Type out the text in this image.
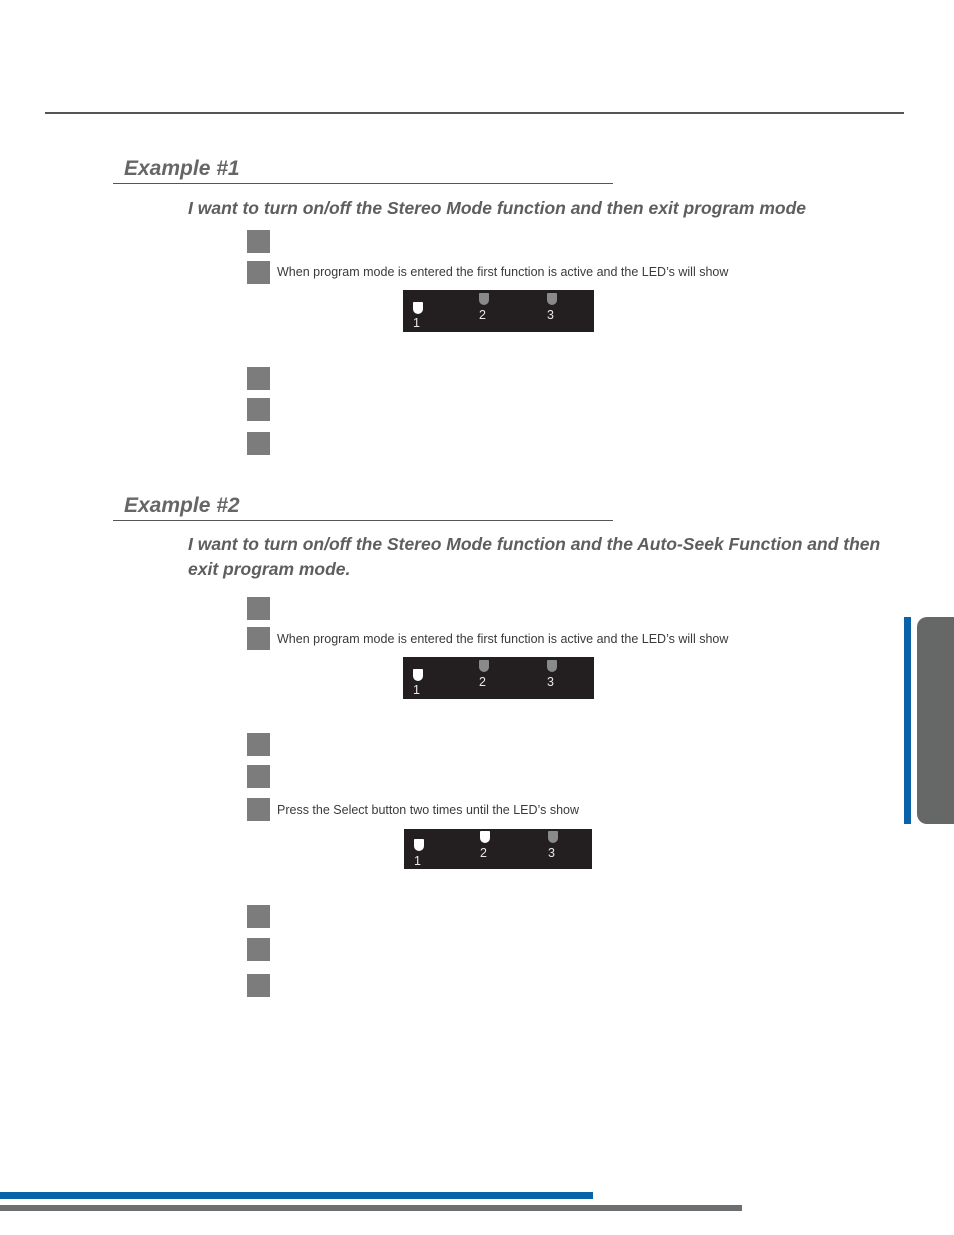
Example #1

I want to turn on/off the Stereo Mode function and then exit program mode

When program mode is entered the first function is active and the LED’s will show
1
2	3
Example #2

I want to turn on/off the Stereo Mode function and the Auto-Seek Function and then

exit program mode.

When program mode is entered the first function is active and the LED’s will show
1
2	3
Press the Select button two times until the LED’s show
1
2	3
